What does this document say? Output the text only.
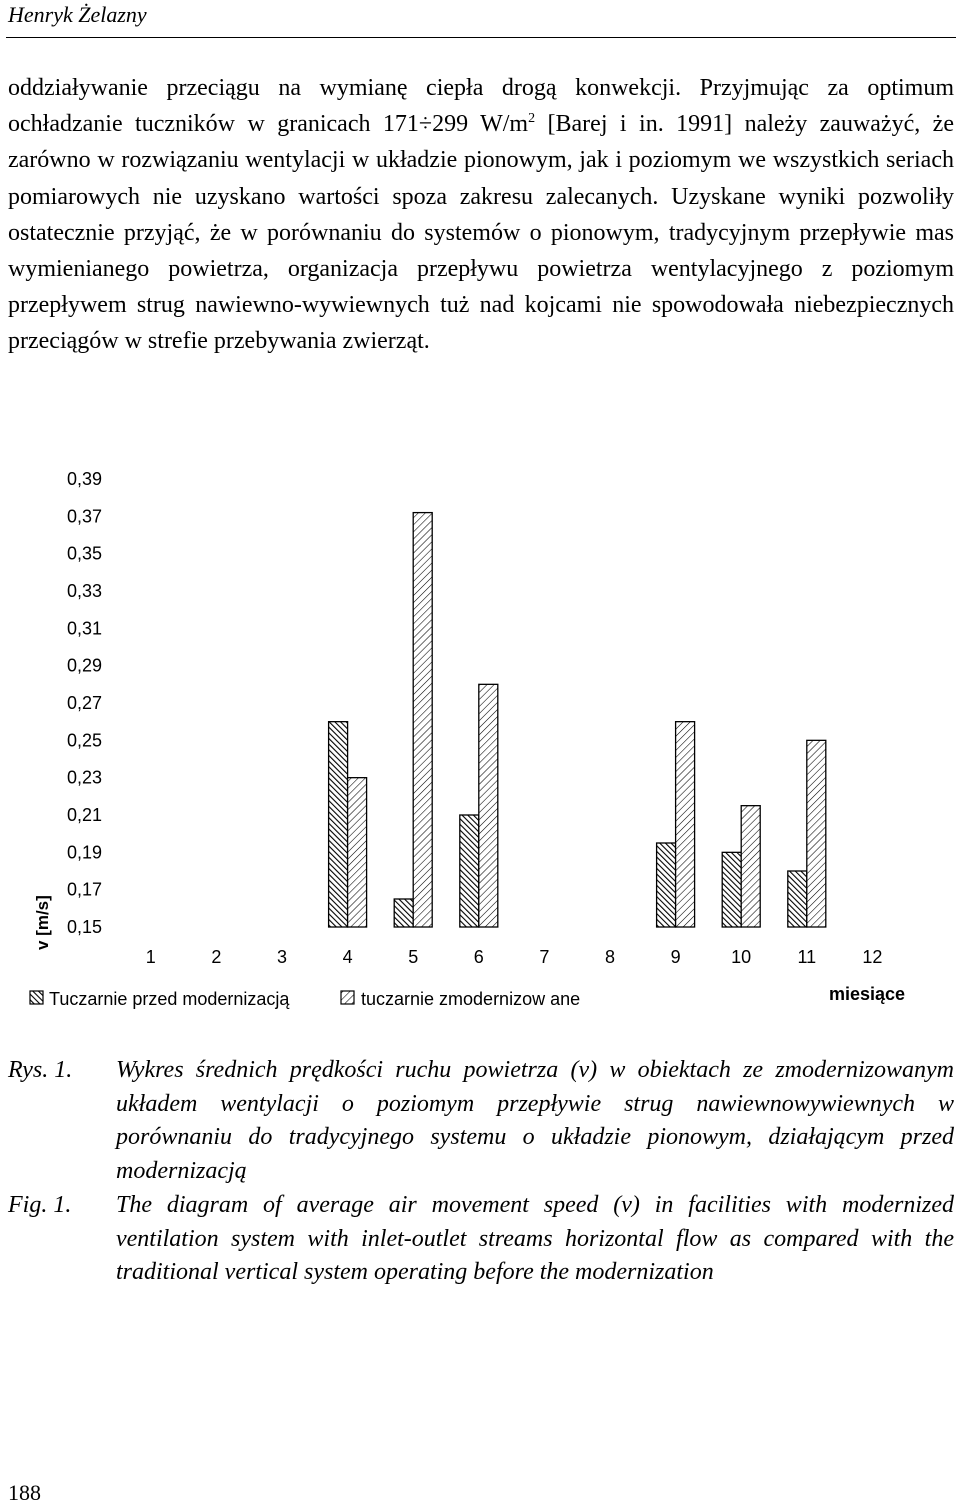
Henryk Żelazny

oddziaływanie przeciągu na wymianę ciepła drogą konwekcji. Przyjmując za optimum ochładzanie tuczników w granicach 171÷299 $W/m^2$ [Barej i in. 1991] należy zauważyć, że zarówno w rozwiązaniu wentylacji w układzie pionowym, jak i poziomym we wszystkich seriach pomiarowych nie uzyskano wartości spoza zakresu zalecanych. Uzyskane wyniki pozwoliły ostatecznie przyjąć, że w porównaniu do systemów o pionowym, tradycyjnym przepływie mas wymienianego powietrza, organizacja przepływu powietrza wentylacyjnego z poziomym przepływem strug nawiewno-wywiewnych tuż nad kojcami nie spowodowała niebezpiecznych przeciągów w strefie przebywania zwierząt.

v [m/s]
0,39
0,37
0,35
0,33
0,31
0,29
0,27
0,25
0,23
0,21
0,19
0,17
0,15
1	2	3	4	5	6	7	8	9	10	11	12
Tuczarnie przed modernizacją	tuczarnie zmodernizow ane	miesiące
Rys. 1. Wykres średnich prędkości ruchu powietrza (v) w obiektach ze zmodernizowanym układem wentylacji o poziomym przepływie strug nawiewnowywiewnych w porównaniu do tradycyjnego systemu o układzie pionowym, działającym przed modernizacją
Fig. 1. The diagram of average air movement speed (v) in facilities with modernized ventilation system with inlet-outlet streams horizontal flow as compared with the traditional vertical system operating before the modernization
188
